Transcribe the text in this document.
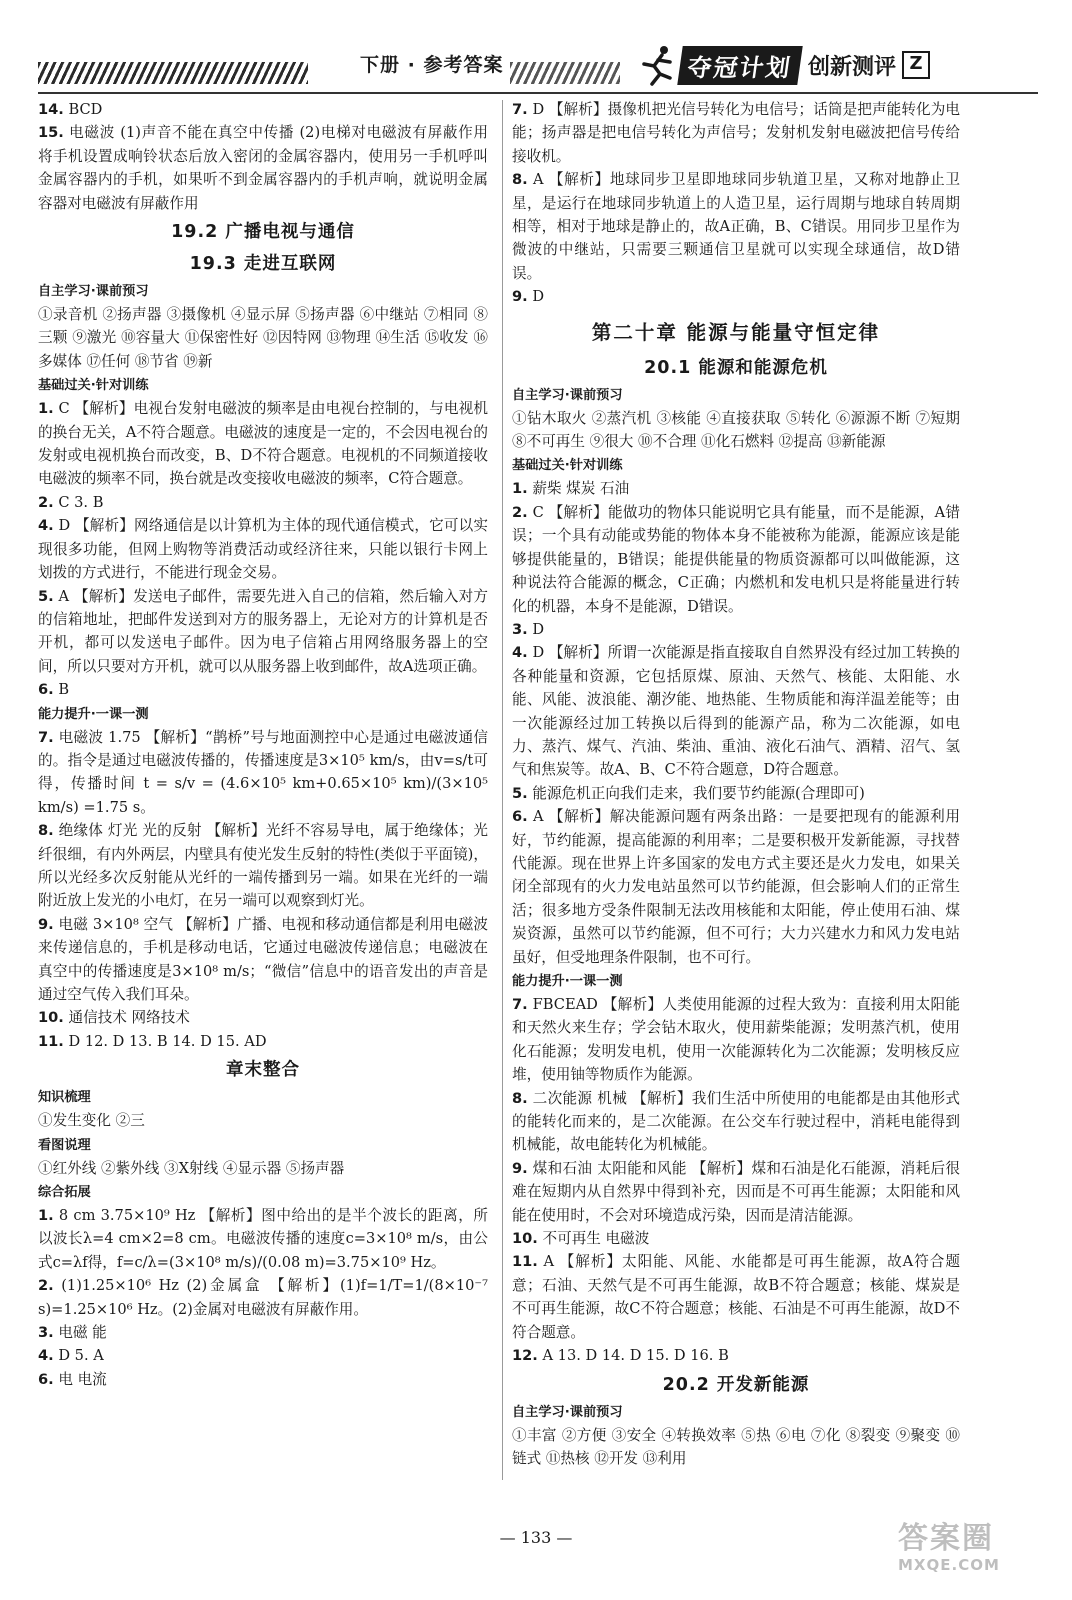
下册 · 参考答案	夺冠计划 创新测评 Z

14. BCD

15. 电磁波 (1)声音不能在真空中传播 (2)电梯对电磁波有屏蔽作用 将手机设置成响铃状态后放入密闭的金属容器内，使用另一手机呼叫金属容器内的手机，如果听不到金属容器内的手机声响，就说明金属容器对电磁波有屏蔽作用

19.2 广播电视与通信
19.3 走进互联网
自主学习·课前预习

①录音机 ②扬声器 ③摄像机 ④显示屏 ⑤扬声器 ⑥中继站 ⑦相同 ⑧三颗 ⑨激光 ⑩容量大 ⑪保密性好 ⑫因特网 ⑬物理 ⑭生活 ⑮收发 ⑯多媒体 ⑰任何 ⑱节省 ⑲新

基础过关·针对训练

1. C 【解析】电视台发射电磁波的频率是由电视台控制的，与电视机的换台无关，A不符合题意。电磁波的速度是一定的，不会因电视台的发射或电视机换台而改变，B、D不符合题意。电视机的不同频道接收电磁波的频率不同，换台就是改变接收电磁波的频率，C符合题意。

2. C 3. B

4. D 【解析】网络通信是以计算机为主体的现代通信模式，它可以实现很多功能，但网上购物等消费活动或经济往来，只能以银行卡网上划拨的方式进行，不能进行现金交易。

5. A 【解析】发送电子邮件，需要先进入自己的信箱，然后输入对方的信箱地址，把邮件发送到对方的服务器上，无论对方的计算机是否开机，都可以发送电子邮件。因为电子信箱占用网络服务器上的空间，所以只要对方开机，就可以从服务器上收到邮件，故A选项正确。

6. B

能力提升·一课一测

7. 电磁波 1.75 【解析】“鹊桥”号与地面测控中心是通过电磁波通信的。指令是通过电磁波传播的，传播速度是3×10⁵ km/s，由v=s/t可得，传播时间 t = s/v = (4.6×10⁵ km+0.65×10⁵ km)/(3×10⁵ km/s) =1.75 s。

8. 绝缘体 灯光 光的反射 【解析】光纤不容易导电，属于绝缘体；光纤很细，有内外两层，内壁具有使光发生反射的特性(类似于平面镜)，所以光经多次反射能从光纤的一端传播到另一端。如果在光纤的一端附近放上发光的小电灯，在另一端可以观察到灯光。

9. 电磁 3×10⁸ 空气 【解析】广播、电视和移动通信都是利用电磁波来传递信息的，手机是移动电话，它通过电磁波传递信息；电磁波在真空中的传播速度是3×10⁸ m/s；“微信”信息中的语音发出的声音是通过空气传入我们耳朵。

10. 通信技术 网络技术

11. D 12. D 13. B 14. D 15. AD

章末整合
知识梳理

①发生变化 ②三

看图说理

①红外线 ②紫外线 ③X射线 ④显示器 ⑤扬声器

综合拓展

1. 8 cm 3.75×10⁹ Hz 【解析】图中给出的是半个波长的距离，所以波长λ=4 cm×2=8 cm。电磁波传播的速度c=3×10⁸ m/s，由公式c=λf得，f=c/λ=(3×10⁸ m/s)/(0.08 m)=3.75×10⁹ Hz。

2. (1)1.25×10⁶ Hz (2)金属盒 【解析】(1)f=1/T=1/(8×10⁻⁷ s)=1.25×10⁶ Hz。(2)金属对电磁波有屏蔽作用。

3. 电磁 能

4. D 5. A

6. 电 电流

7. D 【解析】摄像机把光信号转化为电信号；话筒是把声能转化为电能；扬声器是把电信号转化为声信号；发射机发射电磁波把信号传给接收机。

8. A 【解析】地球同步卫星即地球同步轨道卫星，又称对地静止卫星，是运行在地球同步轨道上的人造卫星，运行周期与地球自转周期相等，相对于地球是静止的，故A正确，B、C错误。用同步卫星作为微波的中继站，只需要三颗通信卫星就可以实现全球通信，故D错误。

9. D

第二十章 能源与能量守恒定律
20.1 能源和能源危机
自主学习·课前预习

①钻木取火 ②蒸汽机 ③核能 ④直接获取 ⑤转化 ⑥源源不断 ⑦短期 ⑧不可再生 ⑨很大 ⑩不合理 ⑪化石燃料 ⑫提高 ⑬新能源

基础过关·针对训练

1. 薪柴 煤炭 石油

2. C 【解析】能做功的物体只能说明它具有能量，而不是能源，A错误；一个具有动能或势能的物体本身不能被称为能源，能源应该是能够提供能量的，B错误；能提供能量的物质资源都可以叫做能源，这种说法符合能源的概念，C正确；内燃机和发电机只是将能量进行转化的机器，本身不是能源，D错误。

3. D

4. D 【解析】所谓一次能源是指直接取自自然界没有经过加工转换的各种能量和资源，它包括原煤、原油、天然气、核能、太阳能、水能、风能、波浪能、潮汐能、地热能、生物质能和海洋温差能等；由一次能源经过加工转换以后得到的能源产品，称为二次能源，如电力、蒸汽、煤气、汽油、柴油、重油、液化石油气、酒精、沼气、氢气和焦炭等。故A、B、C不符合题意，D符合题意。

5. 能源危机正向我们走来，我们要节约能源(合理即可)

6. A 【解析】解决能源问题有两条出路：一是要把现有的能源利用好，节约能源，提高能源的利用率；二是要积极开发新能源，寻找替代能源。现在世界上许多国家的发电方式主要还是火力发电，如果关闭全部现有的火力发电站虽然可以节约能源，但会影响人们的正常生活；很多地方受条件限制无法改用核能和太阳能，停止使用石油、煤炭资源，虽然可以节约能源，但不可行；大力兴建水力和风力发电站虽好，但受地理条件限制，也不可行。

能力提升·一课一测

7. FBCEAD 【解析】人类使用能源的过程大致为：直接利用太阳能和天然火来生存；学会钻木取火，使用薪柴能源；发明蒸汽机，使用化石能源；发明发电机，使用一次能源转化为二次能源；发明核反应堆，使用铀等物质作为能源。

8. 二次能源 机械 【解析】我们生活中所使用的电能都是由其他形式的能转化而来的，是二次能源。在公交车行驶过程中，消耗电能得到机械能，故电能转化为机械能。

9. 煤和石油 太阳能和风能 【解析】煤和石油是化石能源，消耗后很难在短期内从自然界中得到补充，因而是不可再生能源；太阳能和风能在使用时，不会对环境造成污染，因而是清洁能源。

10. 不可再生 电磁波

11. A 【解析】太阳能、风能、水能都是可再生能源，故A符合题意；石油、天然气是不可再生能源，故B不符合题意；核能、煤炭是不可再生能源，故C不符合题意；核能、石油是不可再生能源，故D不符合题意。

12. A 13. D 14. D 15. D 16. B

20.2 开发新能源
自主学习·课前预习

①丰富 ②方便 ③安全 ④转换效率 ⑤热 ⑥电 ⑦化 ⑧裂变 ⑨聚变 ⑩链式 ⑪热核 ⑫开发 ⑬利用

— 133 —	答案圈
MXQE.COM
